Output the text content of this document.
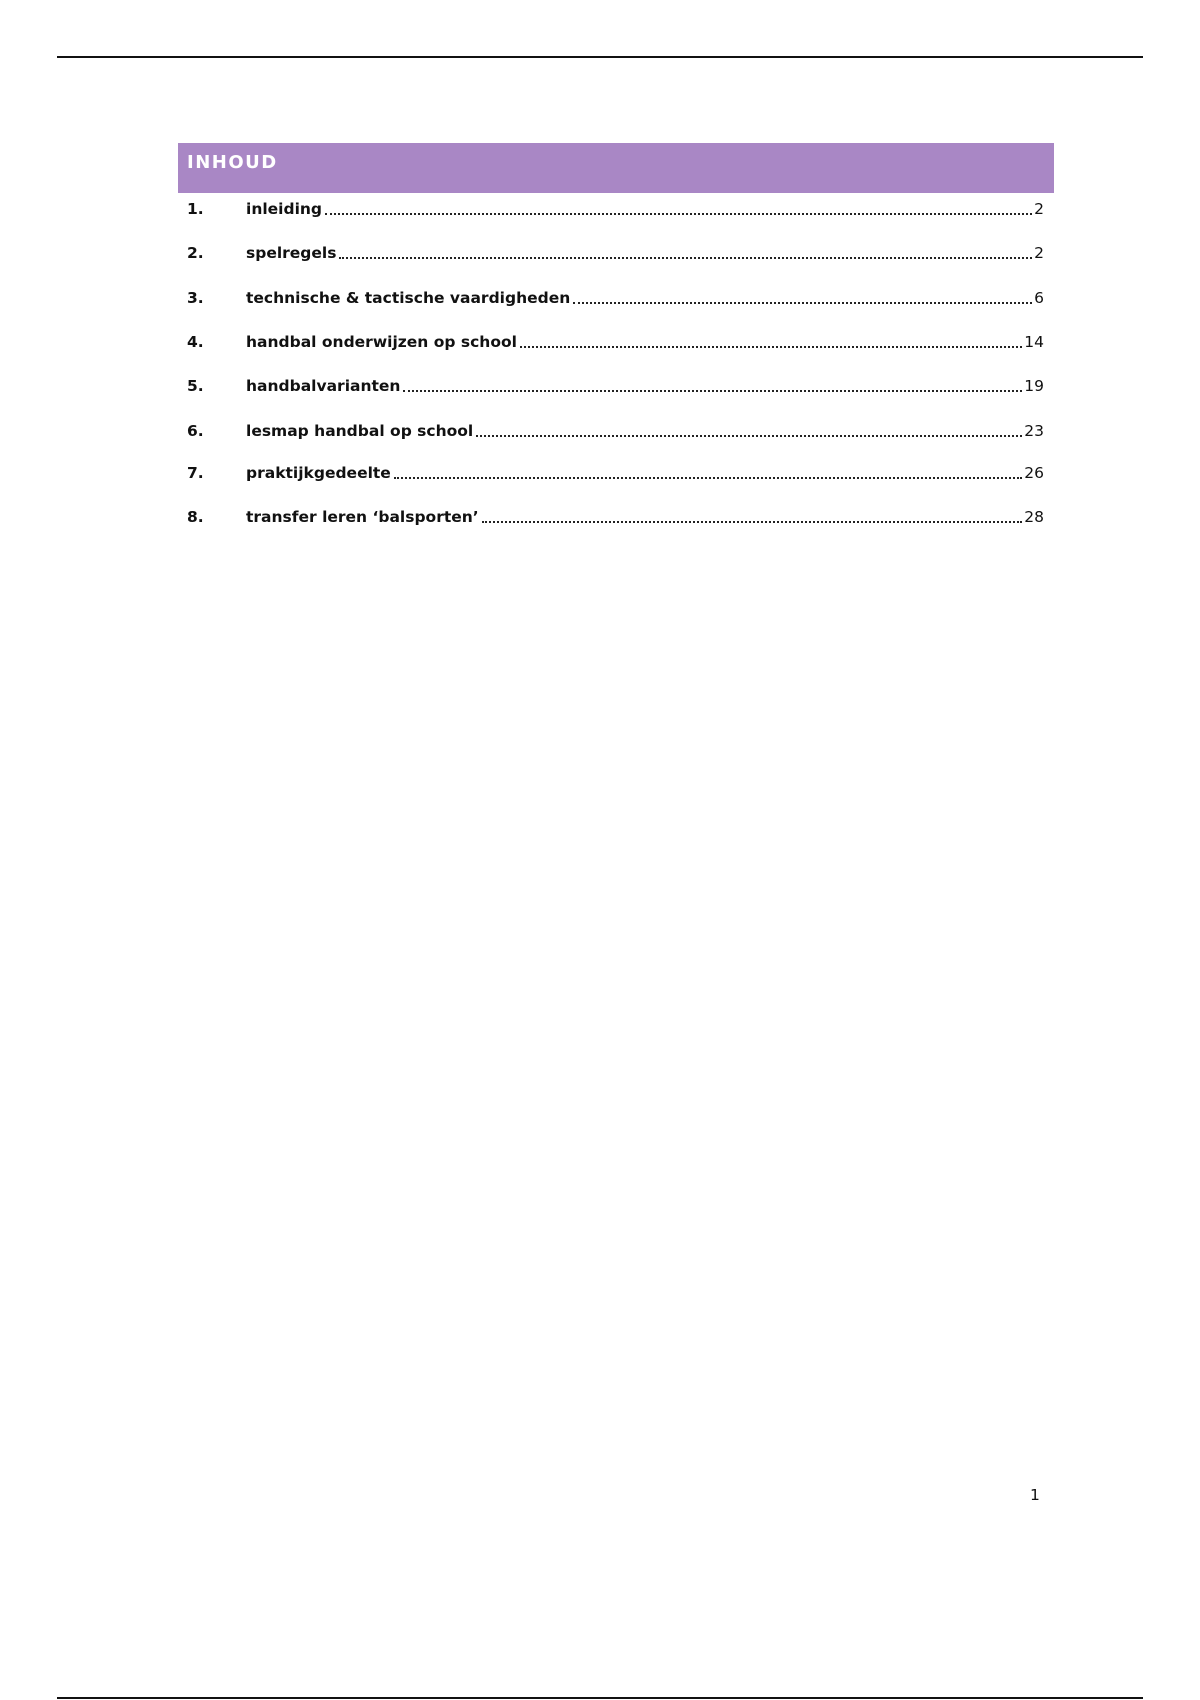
INHOUD
1.	inleiding	2
2.	spelregels	2
3.	technische & tactische vaardigheden	6
4.	handbal onderwijzen op school	14
5.	handbalvarianten	19
6.	lesmap handbal op school	23
7.	praktijkgedeelte	26
8.	transfer leren ‘balsporten’	28
1
